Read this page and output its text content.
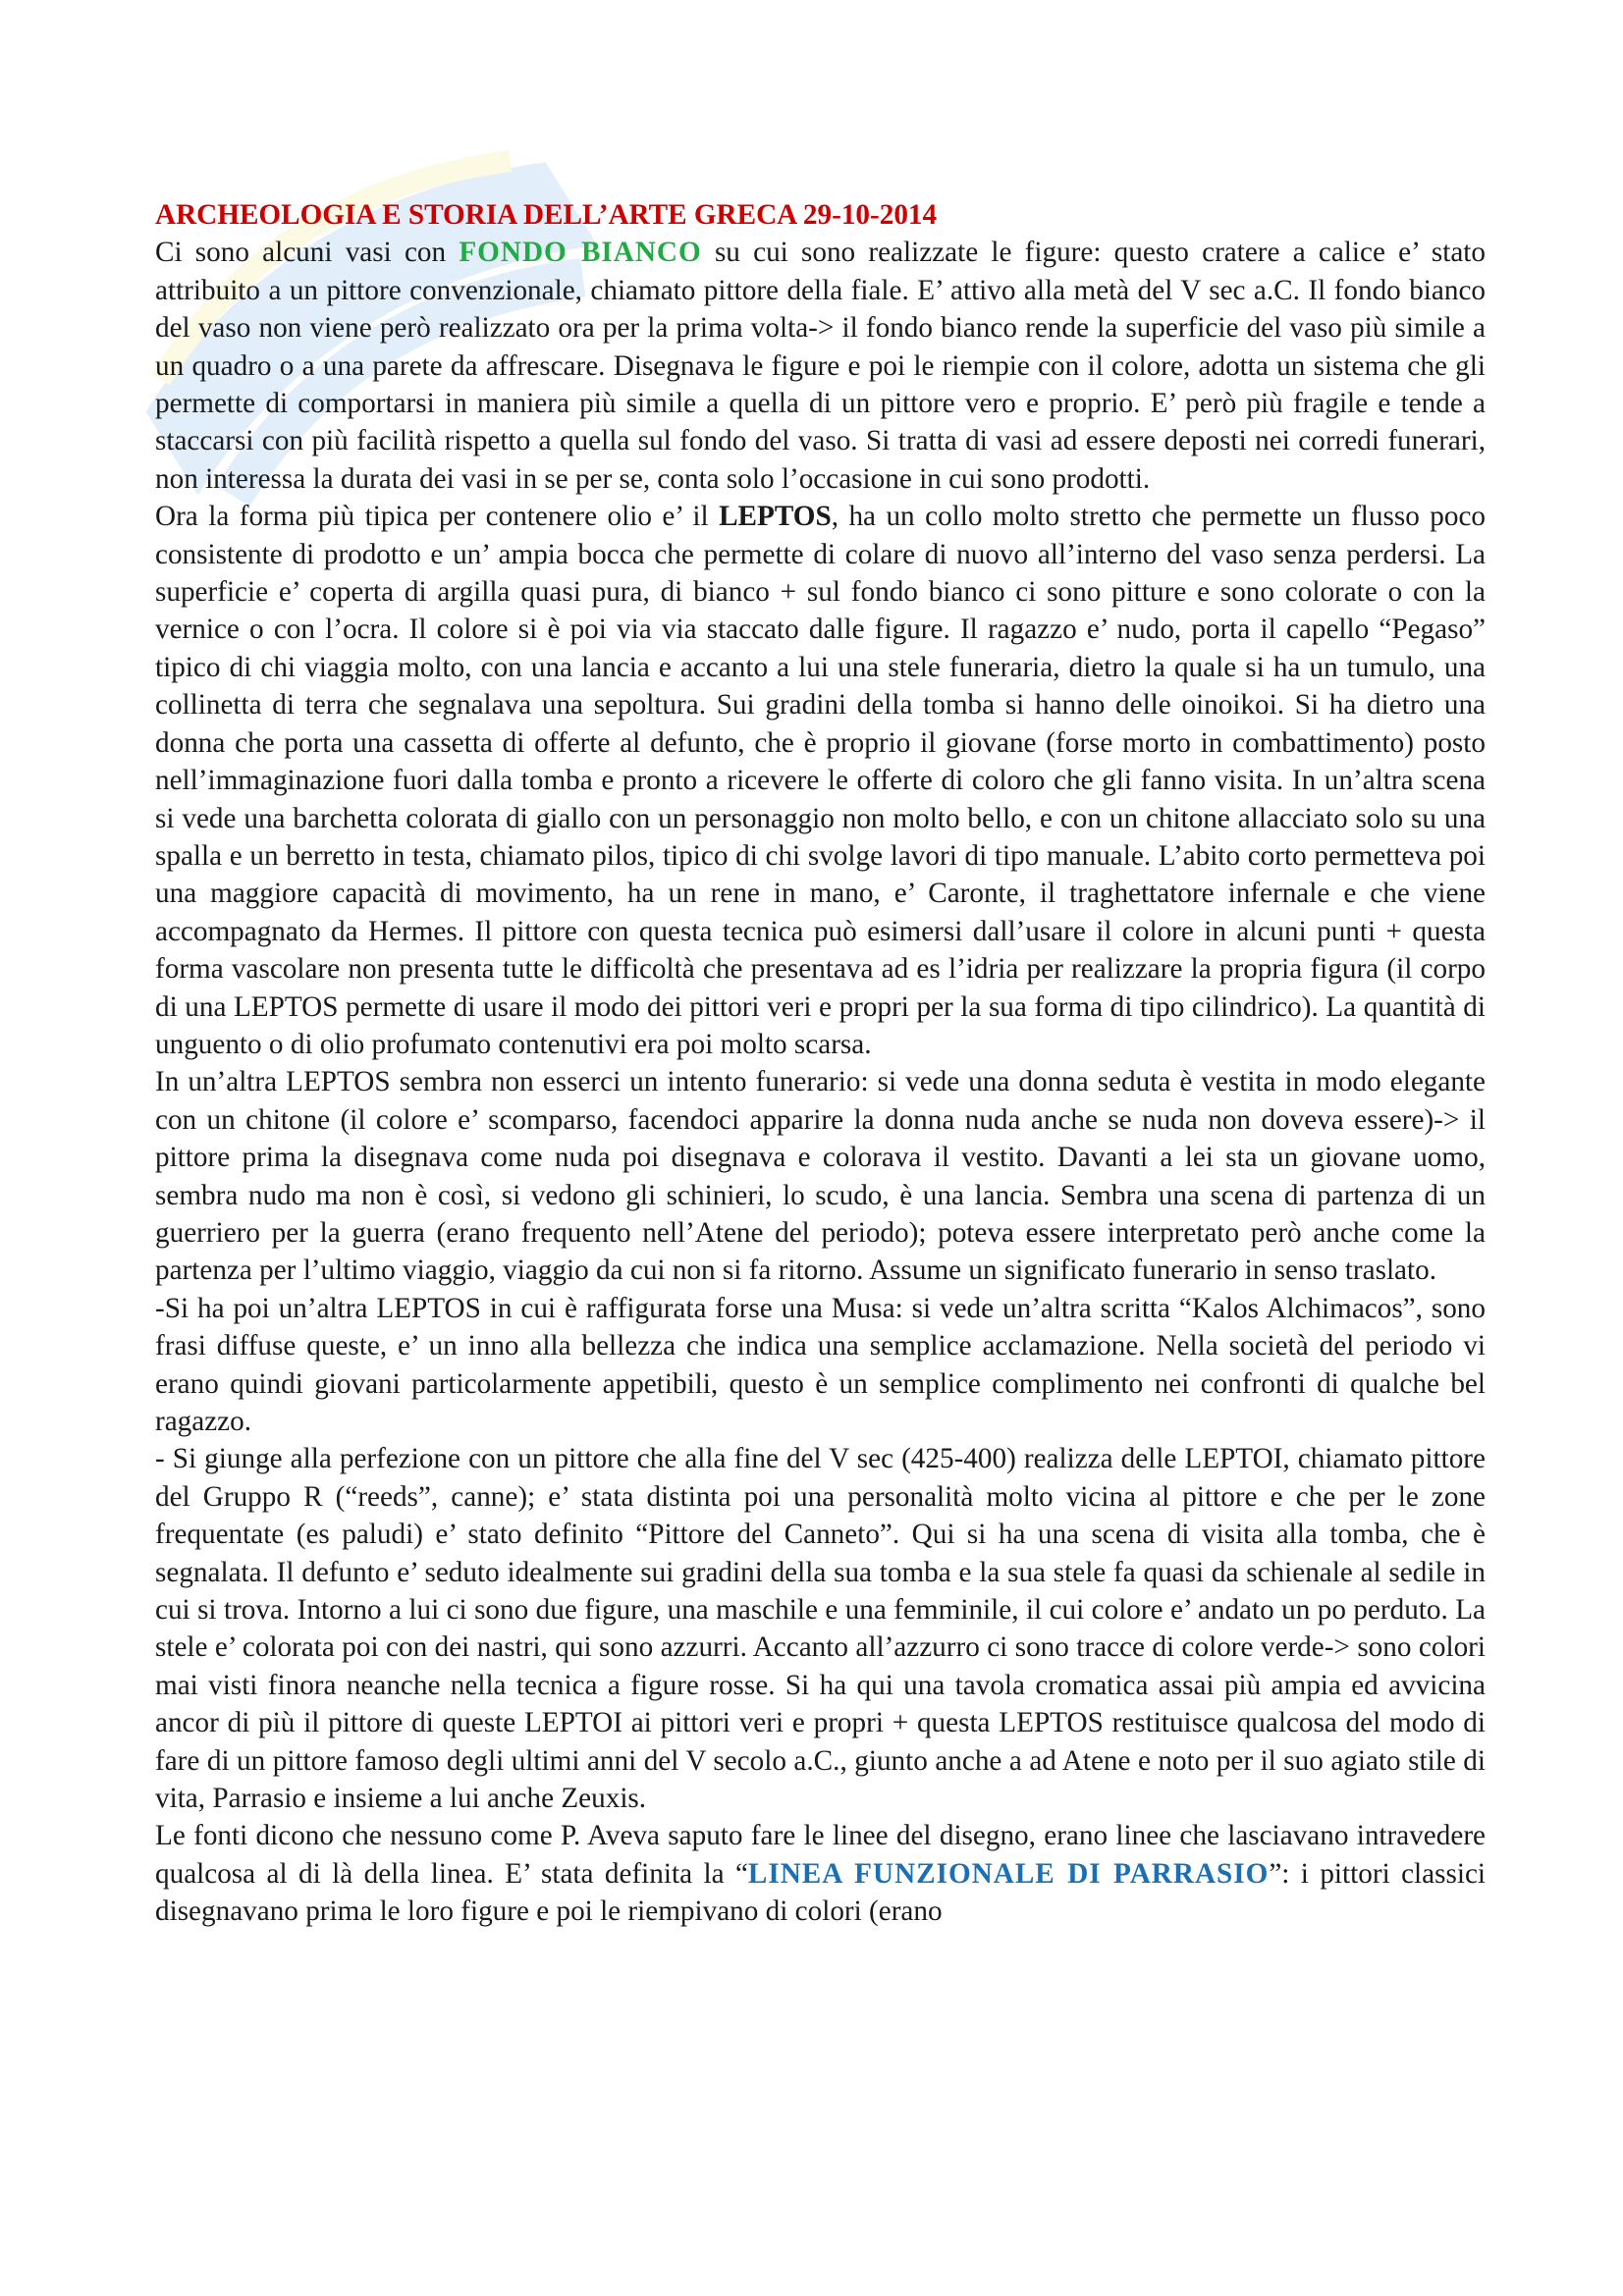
ARCHEOLOGIA E STORIA DELL’ARTE GRECA 29-10-2014

Ci sono alcuni vasi con FONDO BIANCO su cui sono realizzate le figure: questo cratere a calice e’ stato attribuito a un pittore convenzionale, chiamato pittore della fiale. E’ attivo alla metà del V sec a.C. Il fondo bianco del vaso non viene però realizzato ora per la prima volta-> il fondo bianco rende la superficie del vaso più simile a un quadro o a una parete da affrescare. Disegnava le figure e poi le riempie con il colore, adotta un sistema che gli permette di comportarsi in maniera più simile a quella di un pittore vero e proprio. E’ però più fragile e tende a staccarsi con più facilità rispetto a quella sul fondo del vaso. Si tratta di vasi ad essere deposti nei corredi funerari, non interessa la durata dei vasi in se per se, conta solo l’occasione in cui sono prodotti.

Ora la forma più tipica per contenere olio e’ il LEPTOS, ha un collo molto stretto che permette un flusso poco consistente di prodotto e un’ ampia bocca che permette di colare di nuovo all’interno del vaso senza perdersi. La superficie e’ coperta di argilla quasi pura, di bianco + sul fondo bianco ci sono pitture e sono colorate o con la vernice o con l’ocra. Il colore si è poi via via staccato dalle figure. Il ragazzo e’ nudo, porta il capello “Pegaso” tipico di chi viaggia molto, con una lancia e accanto a lui una stele funeraria, dietro la quale si ha un tumulo, una collinetta di terra che segnalava una sepoltura. Sui gradini della tomba si hanno delle oinoikoi. Si ha dietro una donna che porta una cassetta di offerte al defunto, che è proprio il giovane (forse morto in combattimento) posto nell’immaginazione fuori dalla tomba e pronto a ricevere le offerte di coloro che gli fanno visita. In un’altra scena si vede una barchetta colorata di giallo con un personaggio non molto bello, e con un chitone allacciato solo su una spalla e un berretto in testa, chiamato pilos, tipico di chi svolge lavori di tipo manuale. L’abito corto permetteva poi una maggiore capacità di movimento, ha un rene in mano, e’ Caronte, il traghettatore infernale e che viene accompagnato da Hermes. Il pittore con questa tecnica può esimersi dall’usare il colore in alcuni punti + questa forma vascolare non presenta tutte le difficoltà che presentava ad es l’idria per realizzare la propria figura (il corpo di una LEPTOS permette di usare il modo dei pittori veri e propri per la sua forma di tipo cilindrico). La quantità di unguento o di olio profumato contenutivi era poi molto scarsa.

In un’altra LEPTOS sembra non esserci un intento funerario: si vede una donna seduta è vestita in modo elegante con un chitone (il colore e’ scomparso, facendoci apparire la donna nuda anche se nuda non doveva essere)-> il pittore prima la disegnava come nuda poi disegnava e colorava il vestito. Davanti a lei sta un giovane uomo, sembra nudo ma non è così, si vedono gli schinieri, lo scudo, è una lancia. Sembra una scena di partenza di un guerriero per la guerra (erano frequento nell’Atene del periodo); poteva essere interpretato però anche come la partenza per l’ultimo viaggio, viaggio da cui non si fa ritorno. Assume un significato funerario in senso traslato.

-Si ha poi un’altra LEPTOS in cui è raffigurata forse una Musa: si vede un’altra scritta “Kalos Alchimacos”, sono frasi diffuse queste, e’ un inno alla bellezza che indica una semplice acclamazione. Nella società del periodo vi erano quindi giovani particolarmente appetibili, questo è un semplice complimento nei confronti di qualche bel ragazzo.

- Si giunge alla perfezione con un pittore che alla fine del V sec (425-400) realizza delle LEPTOI, chiamato pittore del Gruppo R (“reeds”, canne); e’ stata distinta poi una personalità molto vicina al pittore e che per le zone frequentate (es paludi) e’ stato definito “Pittore del Canneto”. Qui si ha una scena di visita alla tomba, che è segnalata. Il defunto e’ seduto idealmente sui gradini della sua tomba e la sua stele fa quasi da schienale al sedile in cui si trova. Intorno a lui ci sono due figure, una maschile e una femminile, il cui colore e’ andato un po perduto. La stele e’ colorata poi con dei nastri, qui sono azzurri. Accanto all’azzurro ci sono tracce di colore verde-> sono colori mai visti finora neanche nella tecnica a figure rosse. Si ha qui una tavola cromatica assai più ampia ed avvicina ancor di più il pittore di queste LEPTOI ai pittori veri e propri + questa LEPTOS restituisce qualcosa del modo di fare di un pittore famoso degli ultimi anni del V secolo a.C., giunto anche a ad Atene e noto per il suo agiato stile di vita, Parrasio e insieme a lui anche Zeuxis.

Le fonti dicono che nessuno come P. Aveva saputo fare le linee del disegno, erano linee che lasciavano intravedere qualcosa al di là della linea. E’ stata definita la “LINEA FUNZIONALE DI PARRASIO”: i pittori classici disegnavano prima le loro figure e poi le riempivano di colori (erano
